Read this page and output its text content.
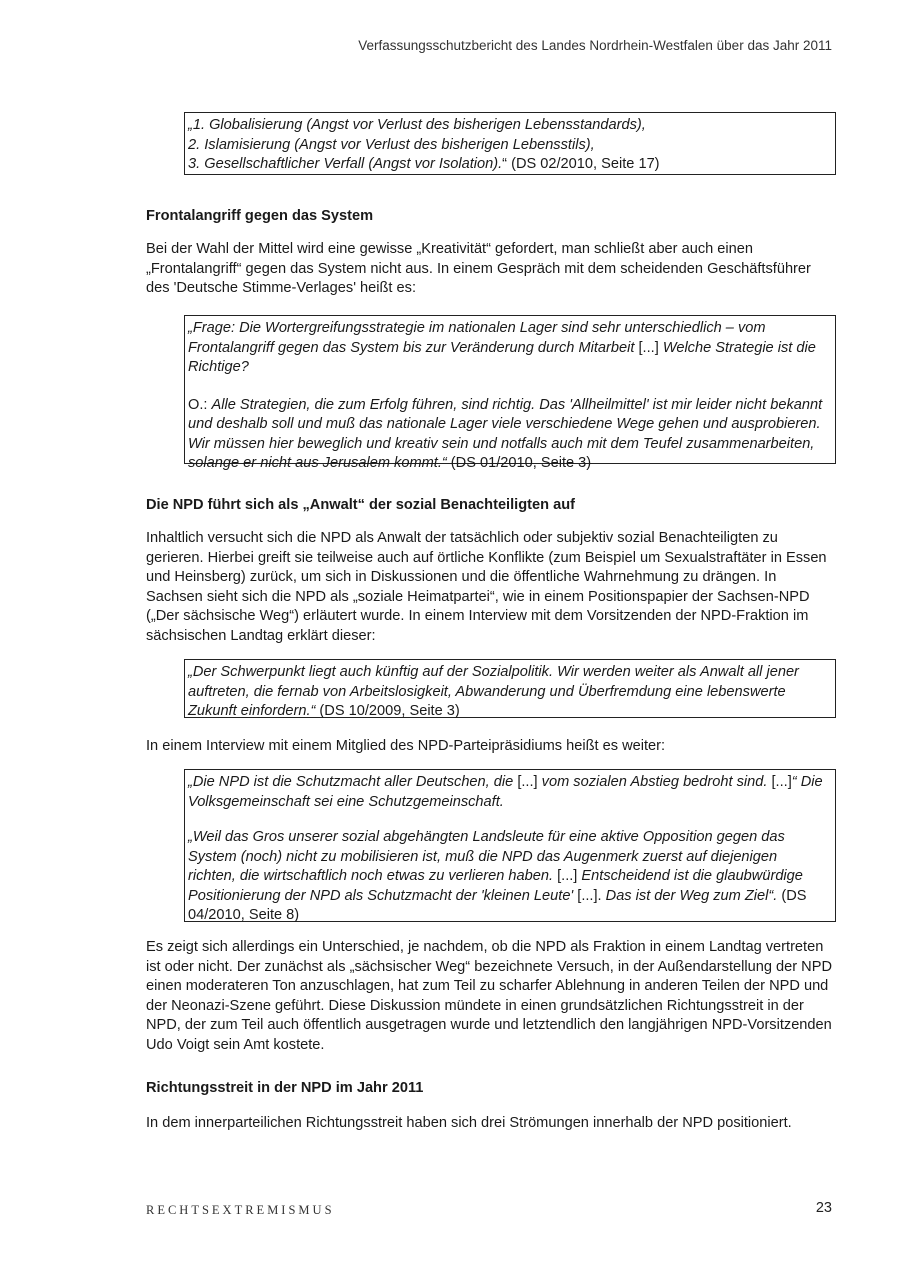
Verfassungsschutzbericht des Landes Nordrhein-Westfalen über das Jahr 2011

„1. Globalisierung (Angst vor Verlust des bisherigen Lebensstandards),

2. Islamisierung (Angst vor Verlust des bisherigen Lebensstils),

3. Gesellschaftlicher Verfall (Angst vor Isolation).“ (DS 02/2010, Seite 17)

Frontalangriff gegen das System
Bei der Wahl der Mittel wird eine gewisse „Kreativität“ gefordert, man schließt aber auch einen „Frontalangriff“ gegen das System nicht aus. In einem Gespräch mit dem scheidenden Geschäftsführer des 'Deutsche Stimme-Verlages' heißt es:

„Frage: Die Wortergreifungsstrategie im nationalen Lager sind sehr unterschiedlich – vom Frontalangriff gegen das System bis zur Veränderung durch Mitarbeit [...] Welche Strategie ist die Richtige?

O.: Alle Strategien, die zum Erfolg führen, sind richtig. Das 'Allheilmittel' ist mir leider nicht bekannt und deshalb soll und muß das nationale Lager viele verschiedene Wege gehen und ausprobieren. Wir müssen hier beweglich und kreativ sein und notfalls auch mit dem Teufel zusammenarbeiten, solange er nicht aus Jerusalem kommt.“ (DS 01/2010, Seite 3)

Die NPD führt sich als „Anwalt“ der sozial Benachteiligten auf
Inhaltlich versucht sich die NPD als Anwalt der tatsächlich oder subjektiv sozial Benachteiligten zu gerieren. Hierbei greift sie teilweise auch auf örtliche Konflikte (zum Beispiel um Sexualstraftäter in Essen und Heinsberg) zurück, um sich in Diskussionen und die öffentliche Wahrnehmung zu drängen. In Sachsen sieht sich die NPD als „soziale Heimatpartei“, wie in einem Positionspapier der Sachsen-NPD („Der sächsische Weg“) erläutert wurde. In einem Interview mit dem Vorsitzenden der NPD-Fraktion im sächsischen Landtag erklärt dieser:

„Der Schwerpunkt liegt auch künftig auf der Sozialpolitik. Wir werden weiter als Anwalt all jener auftreten, die fernab von Arbeitslosigkeit, Abwanderung und Überfremdung eine lebenswerte Zukunft einfordern.“ (DS 10/2009, Seite 3)

In einem Interview mit einem Mitglied des NPD-Parteipräsidiums heißt es weiter:

„Die NPD ist die Schutzmacht aller Deutschen, die [...] vom sozialen Abstieg bedroht sind. [...]“ Die Volksgemeinschaft sei eine Schutzgemeinschaft.

„Weil das Gros unserer sozial abgehängten Landsleute für eine aktive Opposition gegen das System (noch) nicht zu mobilisieren ist, muß die NPD das Augenmerk zuerst auf diejenigen richten, die wirtschaftlich noch etwas zu verlieren haben. [...] Entscheidend ist die glaubwürdige Positionierung der NPD als Schutzmacht der 'kleinen Leute' [...]. Das ist der Weg zum Ziel“. (DS 04/2010, Seite 8)

Es zeigt sich allerdings ein Unterschied, je nachdem, ob die NPD als Fraktion in einem Landtag vertreten ist oder nicht. Der zunächst als „sächsischer Weg“ bezeichnete Versuch, in der Außendarstellung der NPD einen moderateren Ton anzuschlagen, hat zum Teil zu scharfer Ablehnung in anderen Teilen der NPD und der Neonazi-Szene geführt. Diese Diskussion mündete in einen grundsätzlichen Richtungsstreit in der NPD, der zum Teil auch öffentlich ausgetragen wurde und letztendlich den langjährigen NPD-Vorsitzenden Udo Voigt sein Amt kostete.
Richtungsstreit in der NPD im Jahr 2011
In dem innerparteilichen Richtungsstreit haben sich drei Strömungen innerhalb der NPD positioniert.
RECHTSEXTREMISMUS	23
